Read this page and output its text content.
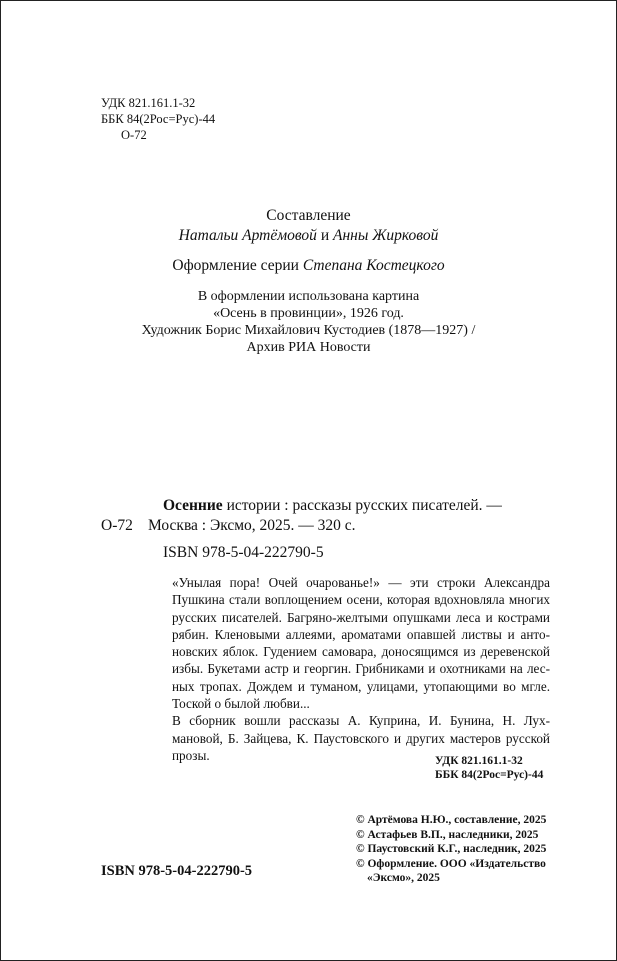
УДК 821.161.1-32
ББК 84(2Рос=Рус)-44
О-72
Составление
Натальи Артёмовой и Анны Жирковой
Оформление серии Степана Костецкого
В оформлении использована картина
«Осень в провинции», 1926 год.
Художник Борис Михайлович Кустодиев (1878—1927) /
Архив РИА Новости
Осенние истории : рассказы русских писателей. —
О-72 Москва : Эксмо, 2025. — 320 с.
ISBN 978-5-04-222790-5

«Унылая пора! Очей очарованье!» — эти строки Александра
Пушкина стали воплощением осени, которая вдохновляла многих
русских писателей. Багряно-желтыми опушками леса и кострами
рябин. Кленовыми аллеями, ароматами опавшей листвы и анто-
новских яблок. Гудением самовара, доносящимся из деревенской
избы. Букетами астр и георгин. Грибниками и охотниками на лес-
ных тропах. Дождем и туманом, улицами, утопающими во мгле.
Тоской о былой любви...

В сборник вошли рассказы А. Куприна, И. Бунина, Н. Лух-
мановой, Б. Зайцева, К. Паустовского и других мастеров русской
прозы.	УДК 821.161.1-32
ББК 84(2Рос=Рус)-44
ISBN 978-5-04-222790-5
© Артёмова Н.Ю., составление, 2025
© Астафьев В.П., наследники, 2025
© Паустовский К.Г., наследник, 2025
© Оформление. ООО «Издательство
«Эксмо», 2025
